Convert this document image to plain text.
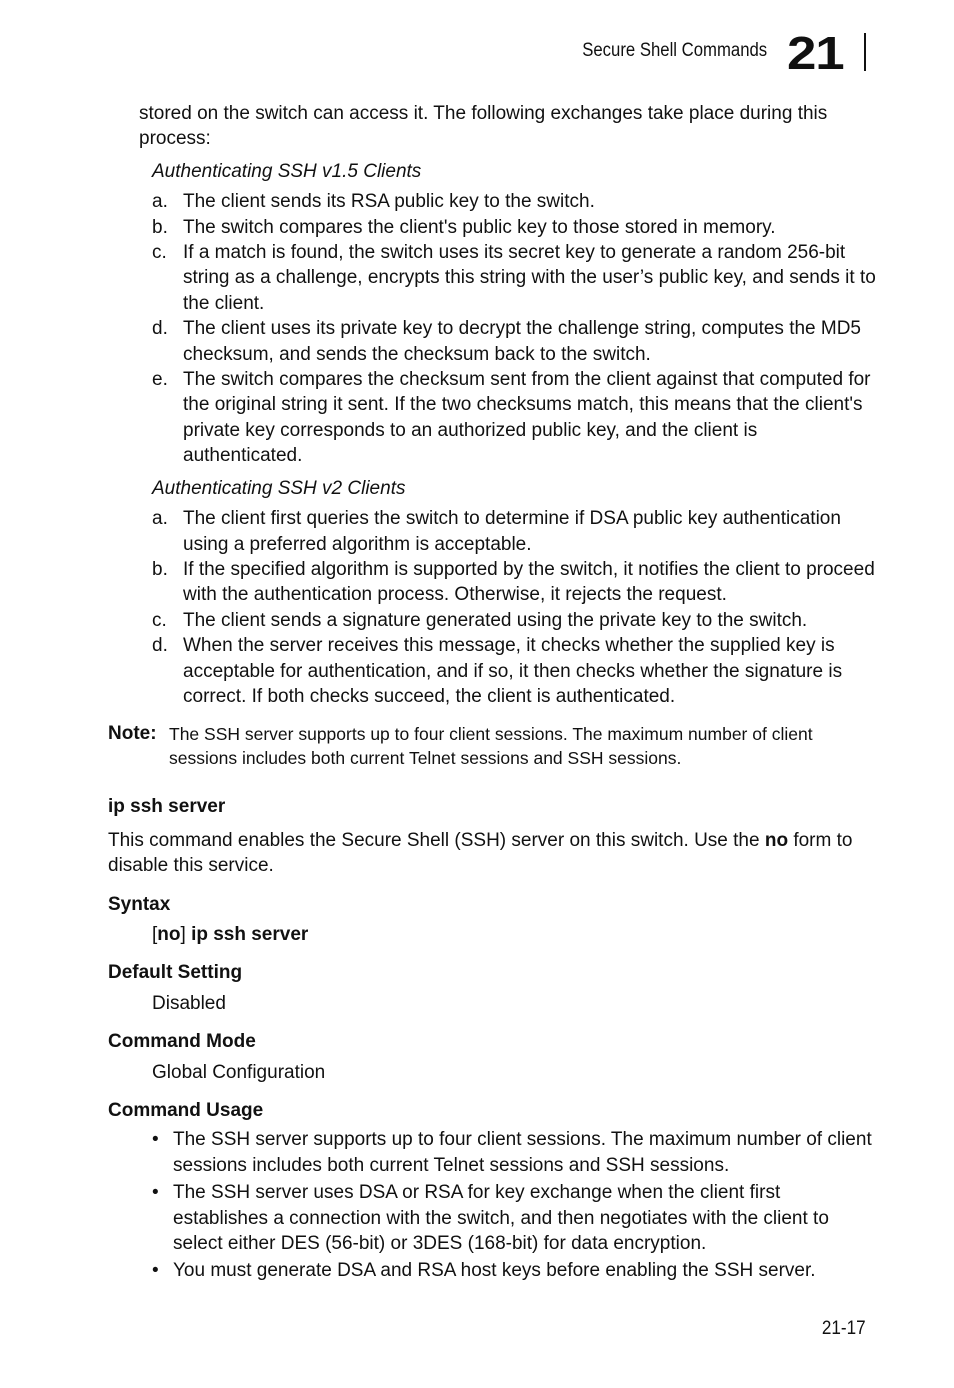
Secure Shell Commands 21

stored on the switch can access it. The following exchanges take place during this process:

Authenticating SSH v1.5 Clients

a. The client sends its RSA public key to the switch.
b. The switch compares the client's public key to those stored in memory.
c. If a match is found, the switch uses its secret key to generate a random 256-bit string as a challenge, encrypts this string with the user’s public key, and sends it to the client.
d. The client uses its private key to decrypt the challenge string, computes the MD5 checksum, and sends the checksum back to the switch.
e. The switch compares the checksum sent from the client against that computed for the original string it sent. If the two checksums match, this means that the client's private key corresponds to an authorized public key, and the client is authenticated.

Authenticating SSH v2 Clients

a. The client first queries the switch to determine if DSA public key authentication using a preferred algorithm is acceptable.
b. If the specified algorithm is supported by the switch, it notifies the client to proceed with the authentication process. Otherwise, it rejects the request.
c. The client sends a signature generated using the private key to the switch.
d. When the server receives this message, it checks whether the supplied key is acceptable for authentication, and if so, it then checks whether the signature is correct. If both checks succeed, the client is authenticated.
Note: The SSH server supports up to four client sessions. The maximum number of client sessions includes both current Telnet sessions and SSH sessions.

ip ssh server

This command enables the Secure Shell (SSH) server on this switch. Use the no form to disable this service.

Syntax

[no] ip ssh server

Default Setting

Disabled

Command Mode

Global Configuration

Command Usage

• The SSH server supports up to four client sessions. The maximum number of client sessions includes both current Telnet sessions and SSH sessions.
• The SSH server uses DSA or RSA for key exchange when the client first establishes a connection with the switch, and then negotiates with the client to select either DES (56-bit) or 3DES (168-bit) for data encryption.
• You must generate DSA and RSA host keys before enabling the SSH server.
21-17
